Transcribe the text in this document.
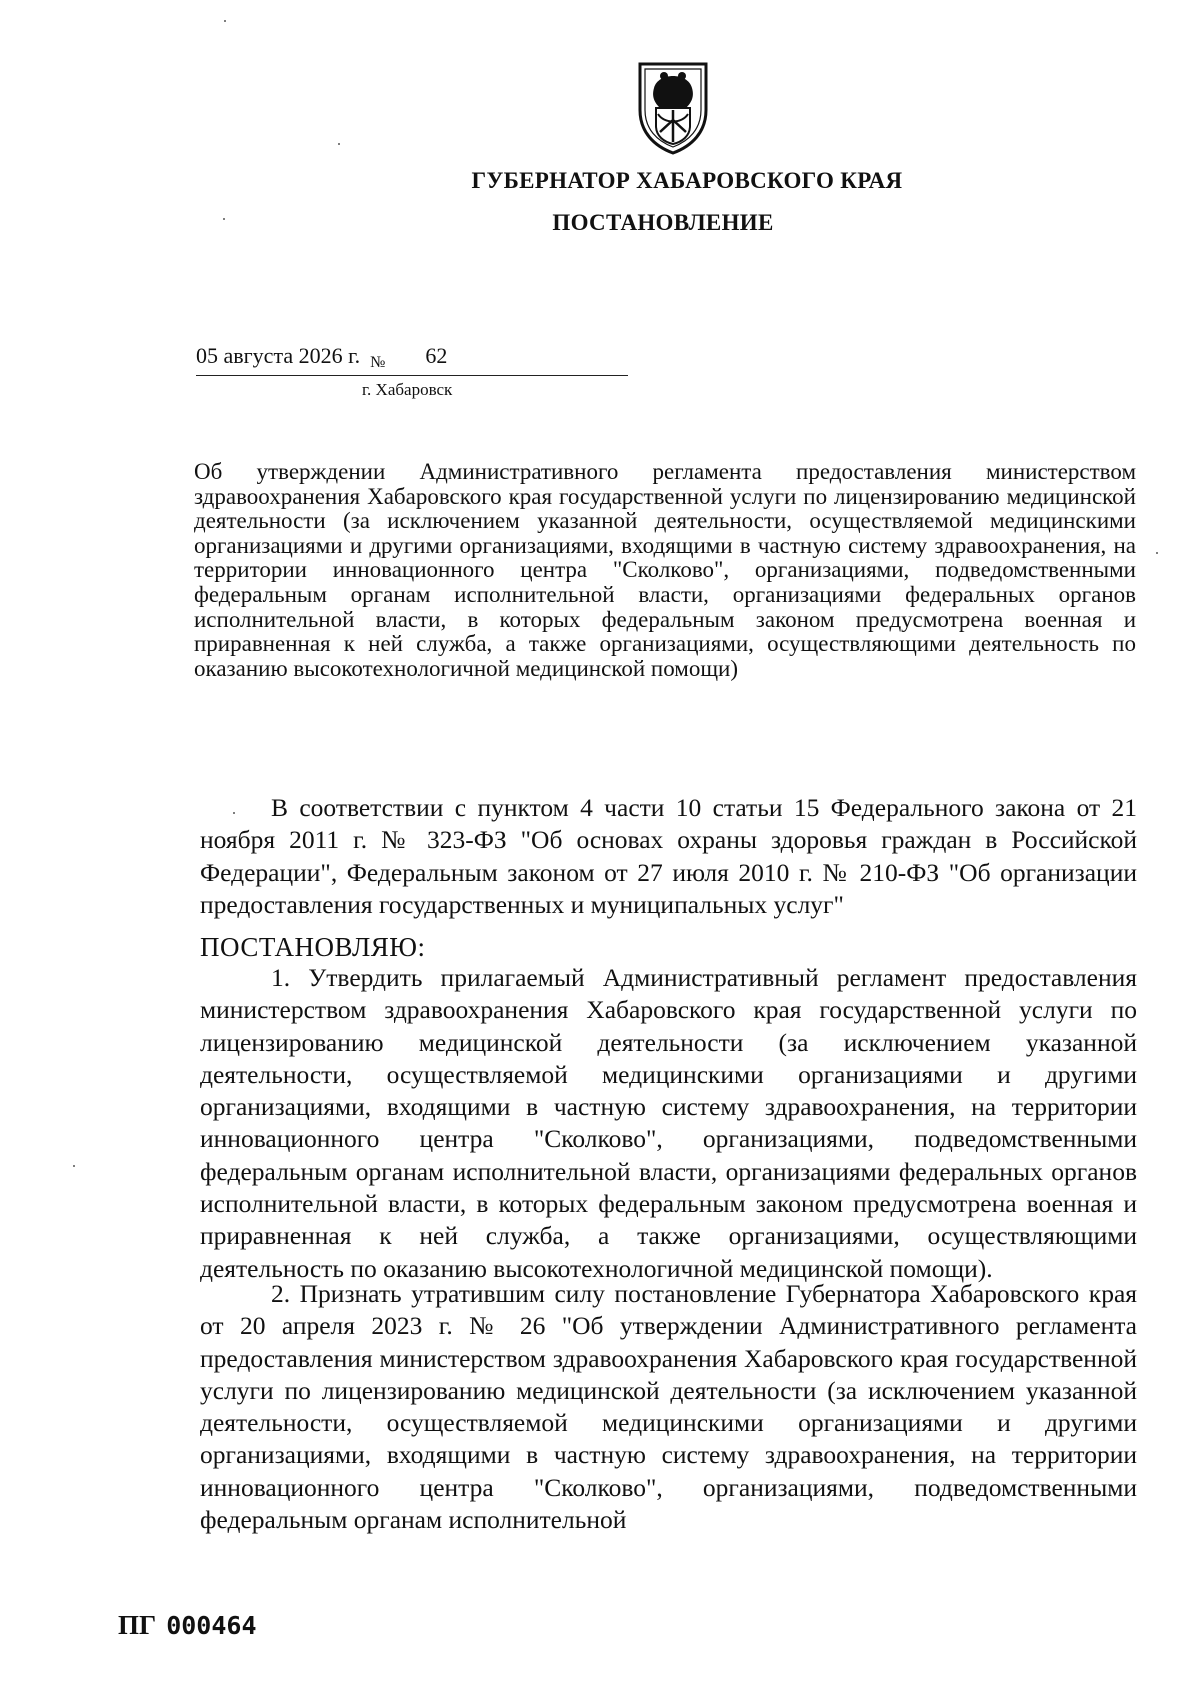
ГУБЕРНАТОР ХАБАРОВСКОГО КРАЯ
ПОСТАНОВЛЕНИЕ
05 августа 2026 г. № 62
г. Хабаровск
Об утверждении Административного регламента предоставления министерством здравоохранения Хабаровского края государственной услуги по лицензированию медицинской деятельности (за исключением указанной деятельности, осуществляемой медицинскими организациями и другими организациями, входящими в частную систему здравоохранения, на территории инновационного центра "Сколково", организациями, подведомственными федеральным органам исполнительной власти, организациями федеральных органов исполнительной власти, в которых федеральным законом предусмотрена военная и приравненная к ней служба, а также организациями, осуществляющими деятельность по оказанию высокотехнологичной медицинской помощи)

В соответствии с пунктом 4 части 10 статьи 15 Федерального закона от 21 ноября 2011 г. № 323-ФЗ "Об основах охраны здоровья граждан в Российской Федерации", Федеральным законом от 27 июля 2010 г. № 210-ФЗ "Об организации предоставления государственных и муниципальных услуг"

ПОСТАНОВЛЯЮ:

1. Утвердить прилагаемый Административный регламент предоставления министерством здравоохранения Хабаровского края государственной услуги по лицензированию медицинской деятельности (за исключением указанной деятельности, осуществляемой медицинскими организациями и другими организациями, входящими в частную систему здравоохранения, на территории инновационного центра "Сколково", организациями, подведомственными федеральным органам исполнительной власти, организациями федеральных органов исполнительной власти, в которых федеральным законом предусмотрена военная и приравненная к ней служба, а также организациями, осуществляющими деятельность по оказанию высокотехнологичной медицинской помощи).

2. Признать утратившим силу постановление Губернатора Хабаровского края от 20 апреля 2023 г. № 26 "Об утверждении Административного регламента предоставления министерством здравоохранения Хабаровского края государственной услуги по лицензированию медицинской деятельности (за исключением указанной деятельности, осуществляемой медицинскими организациями и другими организациями, входящими в частную систему здравоохранения, на территории инновационного центра "Сколково", организациями, подведомственными федеральным органам исполнительной

ПГ 000464
